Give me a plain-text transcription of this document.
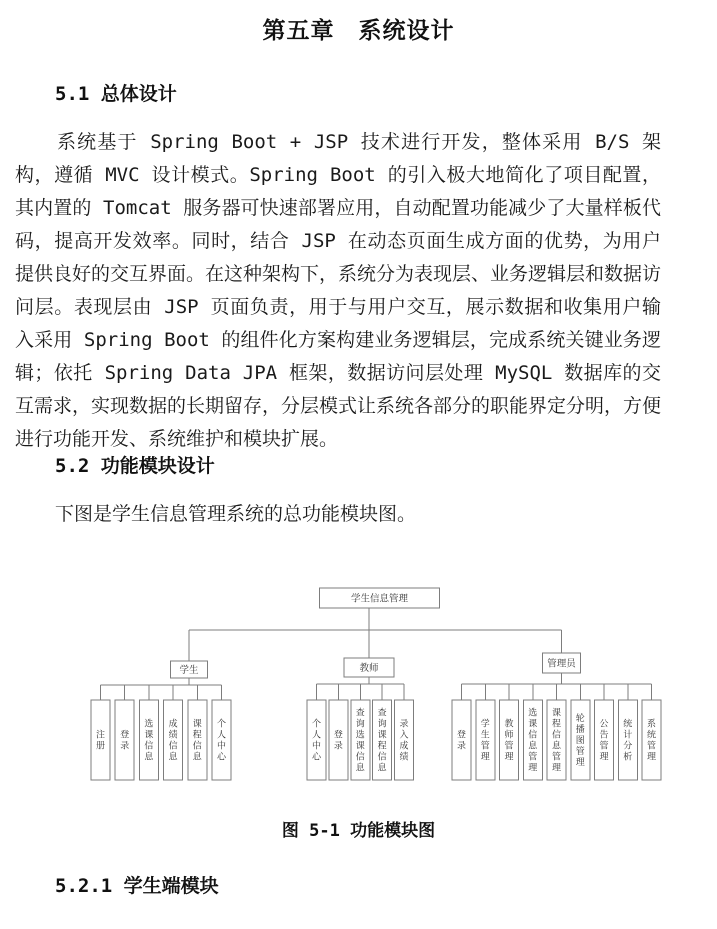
第五章　系统设计
5.1 总体设计

系统基于 Spring Boot + JSP 技术进行开发，整体采用 B/S 架构，遵循 MVC 设计模式。Spring Boot 的引入极大地简化了项目配置，其内置的 Tomcat 服务器可快速部署应用，自动配置功能减少了大量样板代码，提高开发效率。同时，结合 JSP 在动态页面生成方面的优势，为用户提供良好的交互界面。在这种架构下，系统分为表现层、业务逻辑层和数据访问层。表现层由 JSP 页面负责，用于与用户交互，展示数据和收集用户输入采用 Spring Boot 的组件化方案构建业务逻辑层，完成系统关键业务逻辑；依托 Spring Data JPA 框架，数据访问层处理 MySQL 数据库的交互需求，实现数据的长期留存，分层模式让系统各部分的职能界定分明，方便进行功能开发、系统维护和模块扩展。

5.2 功能模块设计

下图是学生信息管理系统的总功能模块图。

学生信息管理
学生
注册
登录
选课信息
成绩信息
课程信息
个人中心
教师
个人中心
登录
查询选课信息
查询课程信息
录入成绩
管理员
登录
学生管理
教师管理
选课信息管理
课程信息管理
轮播图管理
公告管理
统计分析
系统管理
图 5-1 功能模块图
5.2.1 学生端模块
